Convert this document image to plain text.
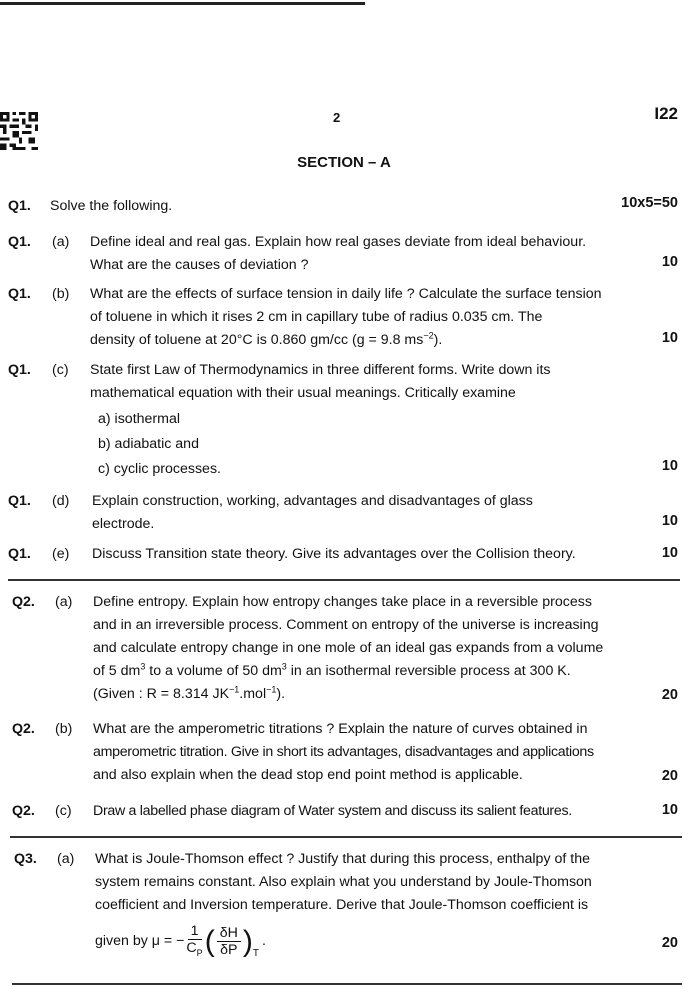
2	I22
SECTION – A
Q1. Solve the following.	10x5=50
Q1. (a) Define ideal and real gas. Explain how real gases deviate from ideal behaviour.
What are the causes of deviation ?	10
Q1. (b) What are the effects of surface tension in daily life ? Calculate the surface tension
of toluene in which it rises 2 cm in capillary tube of radius 0.035 cm. The
density of toluene at 20°C is 0.860 gm/cc (g = 9.8 $ms^{-2}$).	10
Q1. (c) State first Law of Thermodynamics in three different forms. Write down its
mathematical equation with their usual meanings. Critically examine
a) isothermal
b) adiabatic and
c) cyclic processes.	10
Q1. (d) Explain construction, working, advantages and disadvantages of glass
electrode.	10
Q1. (e) Discuss Transition state theory. Give its advantages over the Collision theory.	10
Q2. (a) Define entropy. Explain how entropy changes take place in a reversible process
and in an irreversible process. Comment on entropy of the universe is increasing
and calculate entropy change in one mole of an ideal gas expands from a volume
of 5 $dm^3$ to a volume of 50 $dm^3$ in an isothermal reversible process at 300 K.
(Given : R = 8.314 $JK^{-1}.mol^{-1}$).	20
Q2. (b) What are the amperometric titrations ? Explain the nature of curves obtained in
amperometric titration. Give in short its advantages, disadvantages and applications
and also explain when the dead stop end point method is applicable.	20
Q2. (c) Draw a labelled phase diagram of Water system and discuss its salient features.	10
Q3. (a) What is Joule-Thomson effect ? Justify that during this process, enthalpy of the
system remains constant. Also explain what you understand by Joule-Thomson
coefficient and Inversion temperature. Derive that Joule-Thomson coefficient is
given by μ = − $\frac{1}{C_P}$ ( $\frac{\delta H}{\delta P}$ ) T
.	20
